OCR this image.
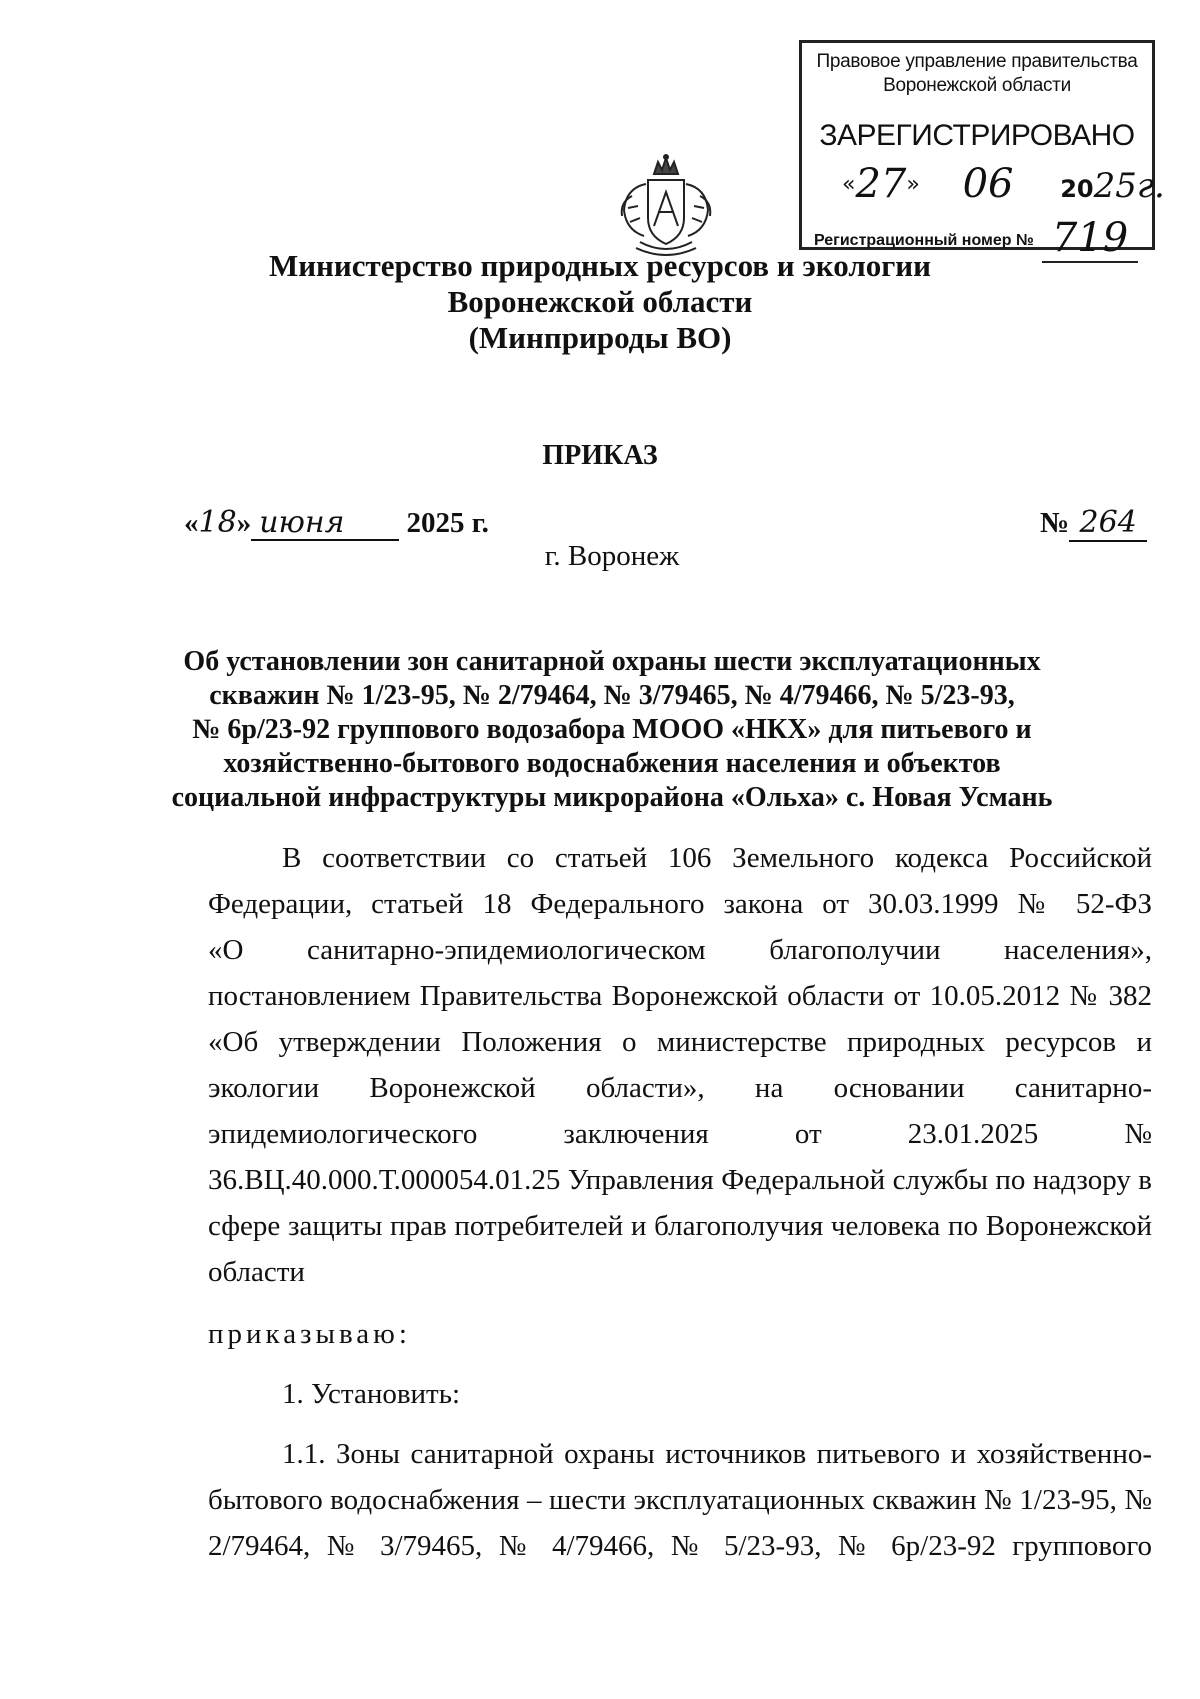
Правовое управление правительства
Воронежской области
ЗАРЕГИСТРИРОВАНО
«27» 06 2025г.
Регистрационный номер № 719
Министерство природных ресурсов и экологии
Воронежской области
(Минприроды ВО)
ПРИКАЗ
«18» июня 2025 г.	№ 264
г. Воронеж
Об установлении зон санитарной охраны шести эксплуатационных
скважин № 1/23-95, № 2/79464, № 3/79465, № 4/79466, № 5/23-93,
№ 6р/23-92 группового водозабора МООО «НКХ» для питьевого и
хозяйственно-бытового водоснабжения населения и объектов
социальной инфраструктуры микрорайона «Ольха» с. Новая Усмань
В соответствии со статьей 106 Земельного кодекса Российской
Федерации, статьей 18 Федерального закона от 30.03.1999 № 52-ФЗ
«О санитарно-эпидемиологическом благополучии населения»,
постановлением Правительства Воронежской области от 10.05.2012 № 382
«Об утверждении Положения о министерстве природных ресурсов и
экологии Воронежской области», на основании санитарно-
эпидемиологического заключения от 23.01.2025 №
36.ВЦ.40.000.Т.000054.01.25 Управления Федеральной службы по надзору в
сфере защиты прав потребителей и благополучия человека по Воронежской
области
приказываю:
1. Установить:
1.1. Зоны санитарной охраны источников питьевого и хозяйственно-
бытового водоснабжения – шести эксплуатационных скважин № 1/23-95, №
2/79464, № 3/79465, № 4/79466, № 5/23-93, № 6р/23-92 группового
